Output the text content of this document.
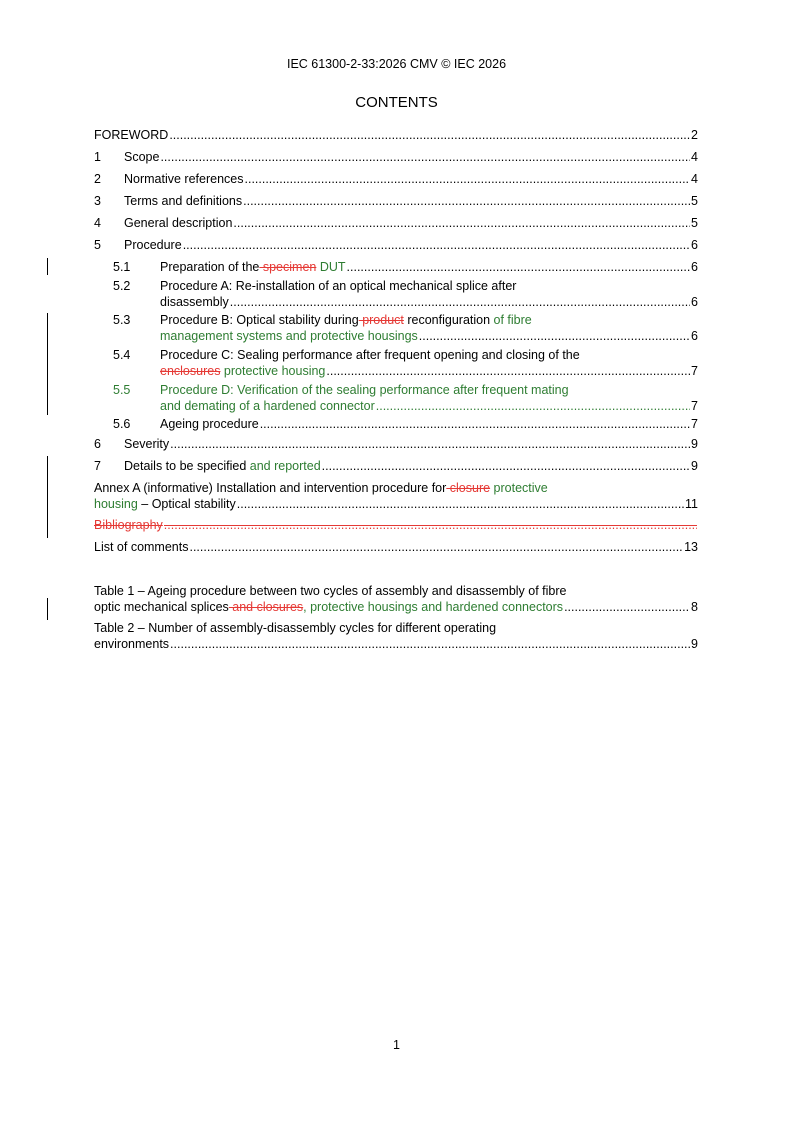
IEC 61300-2-33:2026 CMV © IEC 2026
CONTENTS
FOREWORD .....	2
1 Scope .....	4
2 Normative references .....	4
3 Terms and definitions .....	5
4 General description .....	5
5 Procedure .....	6
5.1 Preparation of the specimen DUT .....	6
5.2 Procedure A: Re-installation of an optical mechanical splice after
disassembly .....	6
5.3 Procedure B: Optical stability during product reconfiguration of fibre
management systems and protective housings .....	6
5.4 Procedure C: Sealing performance after frequent opening and closing of the
enclosures protective housing .....	7
5.5 Procedure D: Verification of the sealing performance after frequent mating
and demating of a hardened connector .....	7
5.6 Ageing procedure .....	7
6 Severity .....	9
7 Details to be specified and reported .....	9
Annex A (informative) Installation and intervention procedure for closure protective
housing – Optical stability .....	11
Bibliography
.....
List of comments .....	13
Table 1 – Ageing procedure between two cycles of assembly and disassembly of fibre
optic mechanical splices and closures, protective housings and hardened connectors .....	8
Table 2 – Number of assembly-disassembly cycles for different operating
environments .....	9
1
